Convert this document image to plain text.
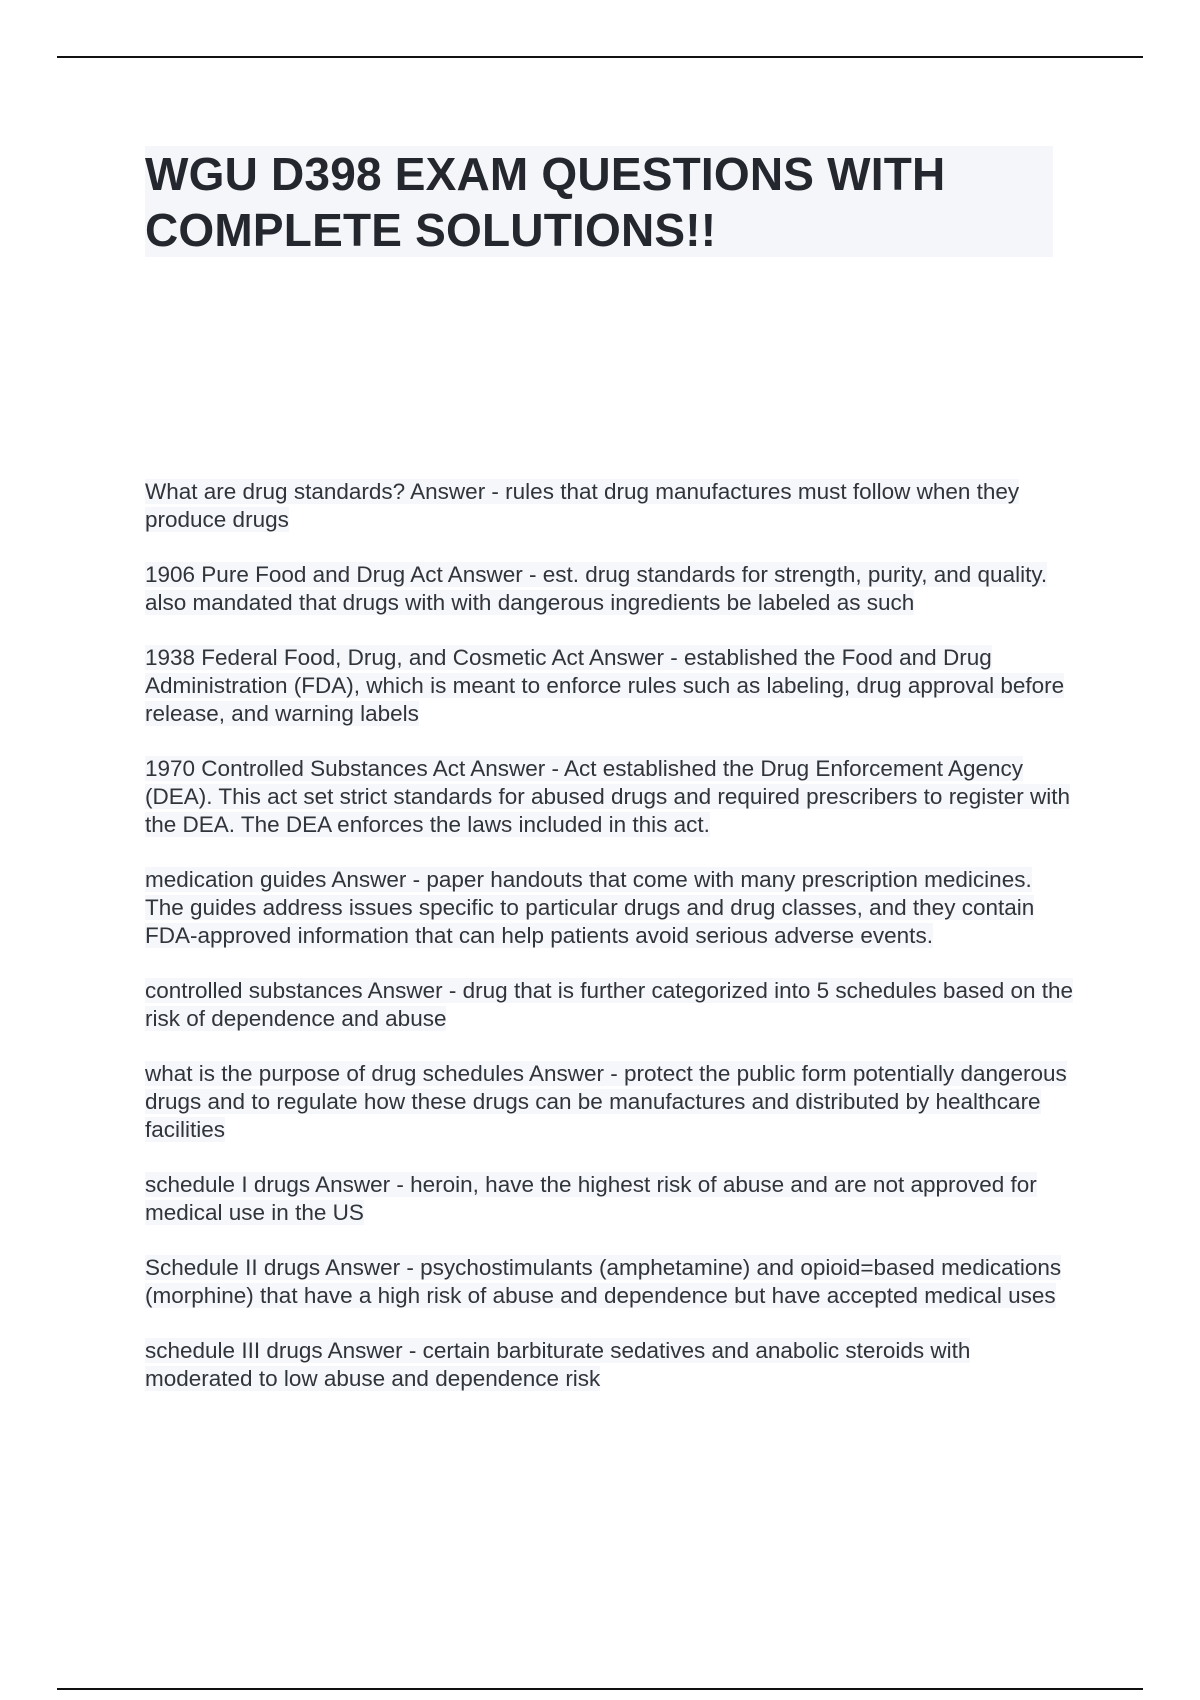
WGU D398 EXAM QUESTIONS WITH COMPLETE SOLUTIONS!!

What are drug standards? Answer - rules that drug manufactures must follow when they produce drugs

1906 Pure Food and Drug Act Answer - est. drug standards for strength, purity, and quality. also mandated that drugs with with dangerous ingredients be labeled as such

1938 Federal Food, Drug, and Cosmetic Act Answer - established the Food and Drug Administration (FDA), which is meant to enforce rules such as labeling, drug approval before release, and warning labels

1970 Controlled Substances Act Answer - Act established the Drug Enforcement Agency (DEA). This act set strict standards for abused drugs and required prescribers to register with the DEA. The DEA enforces the laws included in this act.

medication guides Answer - paper handouts that come with many prescription medicines. The guides address issues specific to particular drugs and drug classes, and they contain FDA-approved information that can help patients avoid serious adverse events.

controlled substances Answer - drug that is further categorized into 5 schedules based on the risk of dependence and abuse

what is the purpose of drug schedules Answer - protect the public form potentially dangerous drugs and to regulate how these drugs can be manufactures and distributed by healthcare facilities

schedule I drugs Answer - heroin, have the highest risk of abuse and are not approved for medical use in the US

Schedule II drugs Answer - psychostimulants (amphetamine) and opioid=based medications (morphine) that have a high risk of abuse and dependence but have accepted medical uses

schedule III drugs Answer - certain barbiturate sedatives and anabolic steroids with moderated to low abuse and dependence risk
